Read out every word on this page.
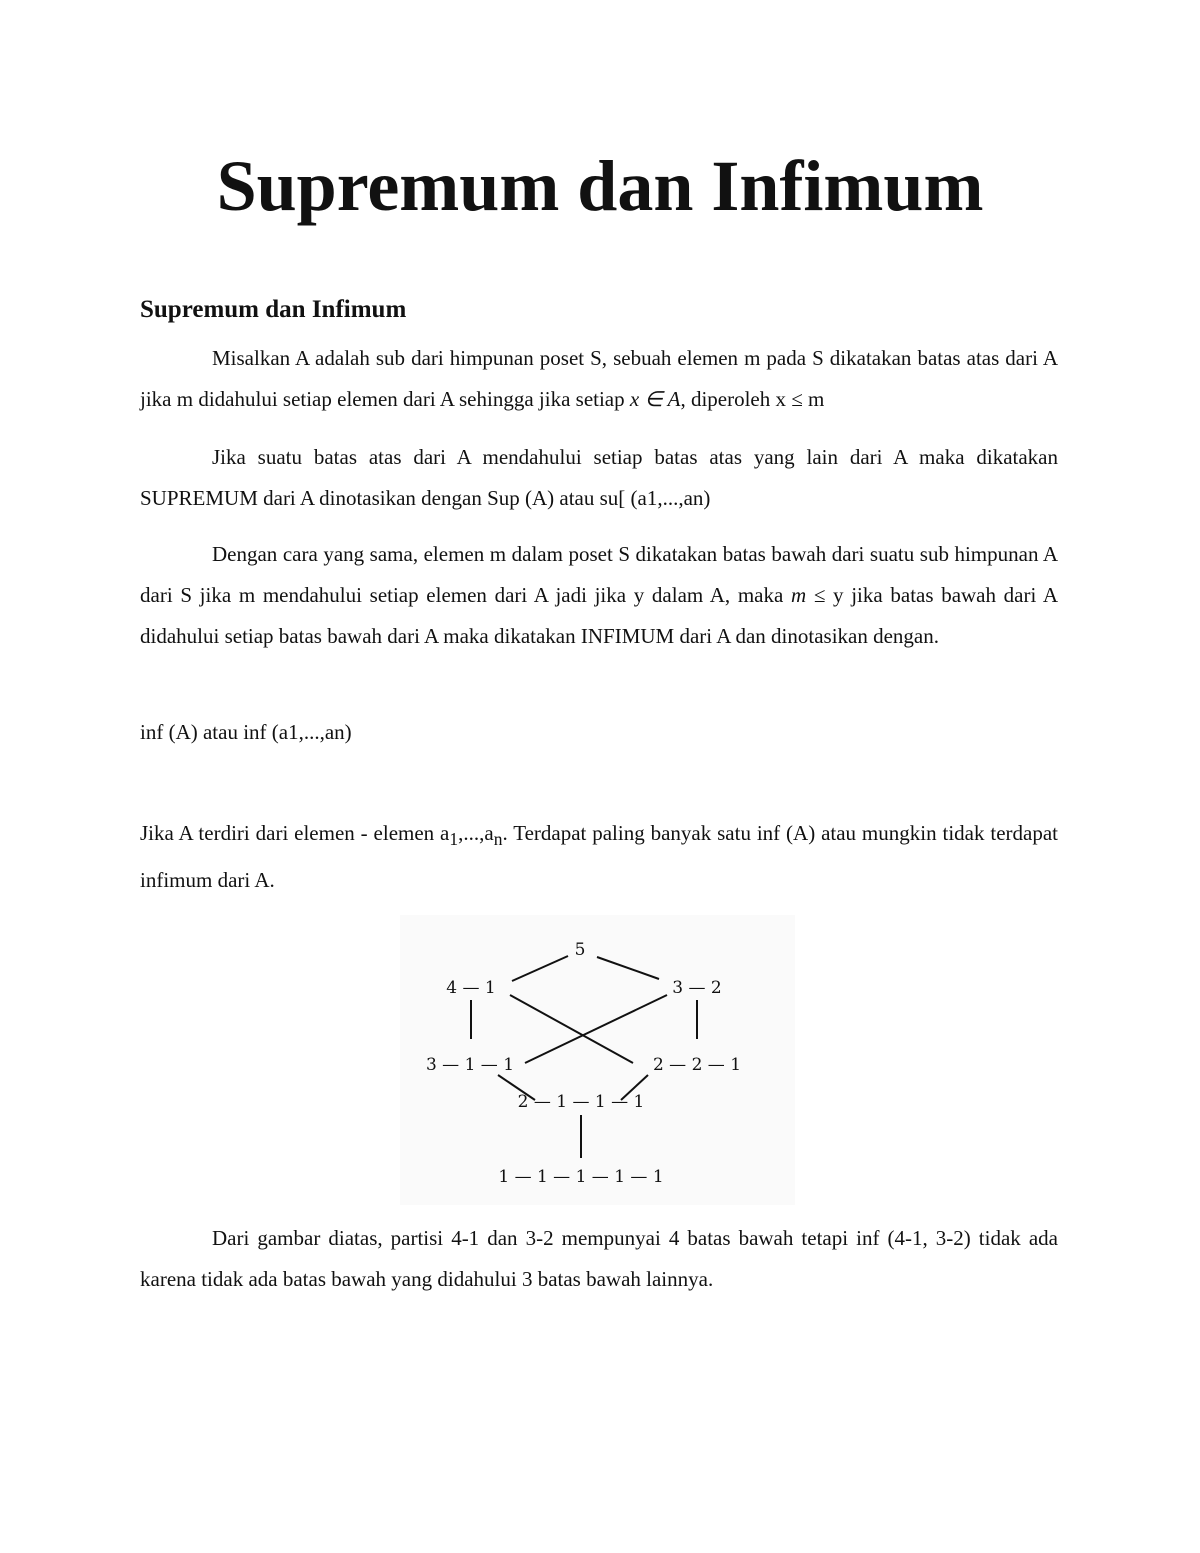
Supremum dan Infimum
Supremum dan Infimum

Misalkan A adalah sub dari himpunan poset S, sebuah elemen m pada S dikatakan batas atas dari A jika m didahului setiap elemen dari A sehingga jika setiap x ∈ A, diperoleh x ≤ m

Jika suatu batas atas dari A mendahului setiap batas atas yang lain dari A maka dikatakan SUPREMUM dari A dinotasikan dengan Sup (A) atau su[ (a1,...,an)

Dengan cara yang sama, elemen m dalam poset S dikatakan batas bawah dari suatu sub himpunan A dari S jika m mendahului setiap elemen dari A jadi jika y dalam A, maka m ≤ y jika batas bawah dari A didahului setiap batas bawah dari A maka dikatakan INFIMUM dari A dan dinotasikan dengan.

inf (A) atau inf (a1,...,an)

Jika A terdiri dari elemen - elemen $a_1,...,a_n$. Terdapat paling banyak satu inf (A) atau mungkin tidak terdapat infimum dari A.

5
4 — 1	3 — 2
3 — 1 — 1	2 — 2 — 1
2 — 1 — 1 — 1
1 — 1 — 1 — 1 — 1

Dari gambar diatas, partisi 4-1 dan 3-2 mempunyai 4 batas bawah tetapi inf (4-1, 3-2) tidak ada karena tidak ada batas bawah yang didahului 3 batas bawah lainnya.
